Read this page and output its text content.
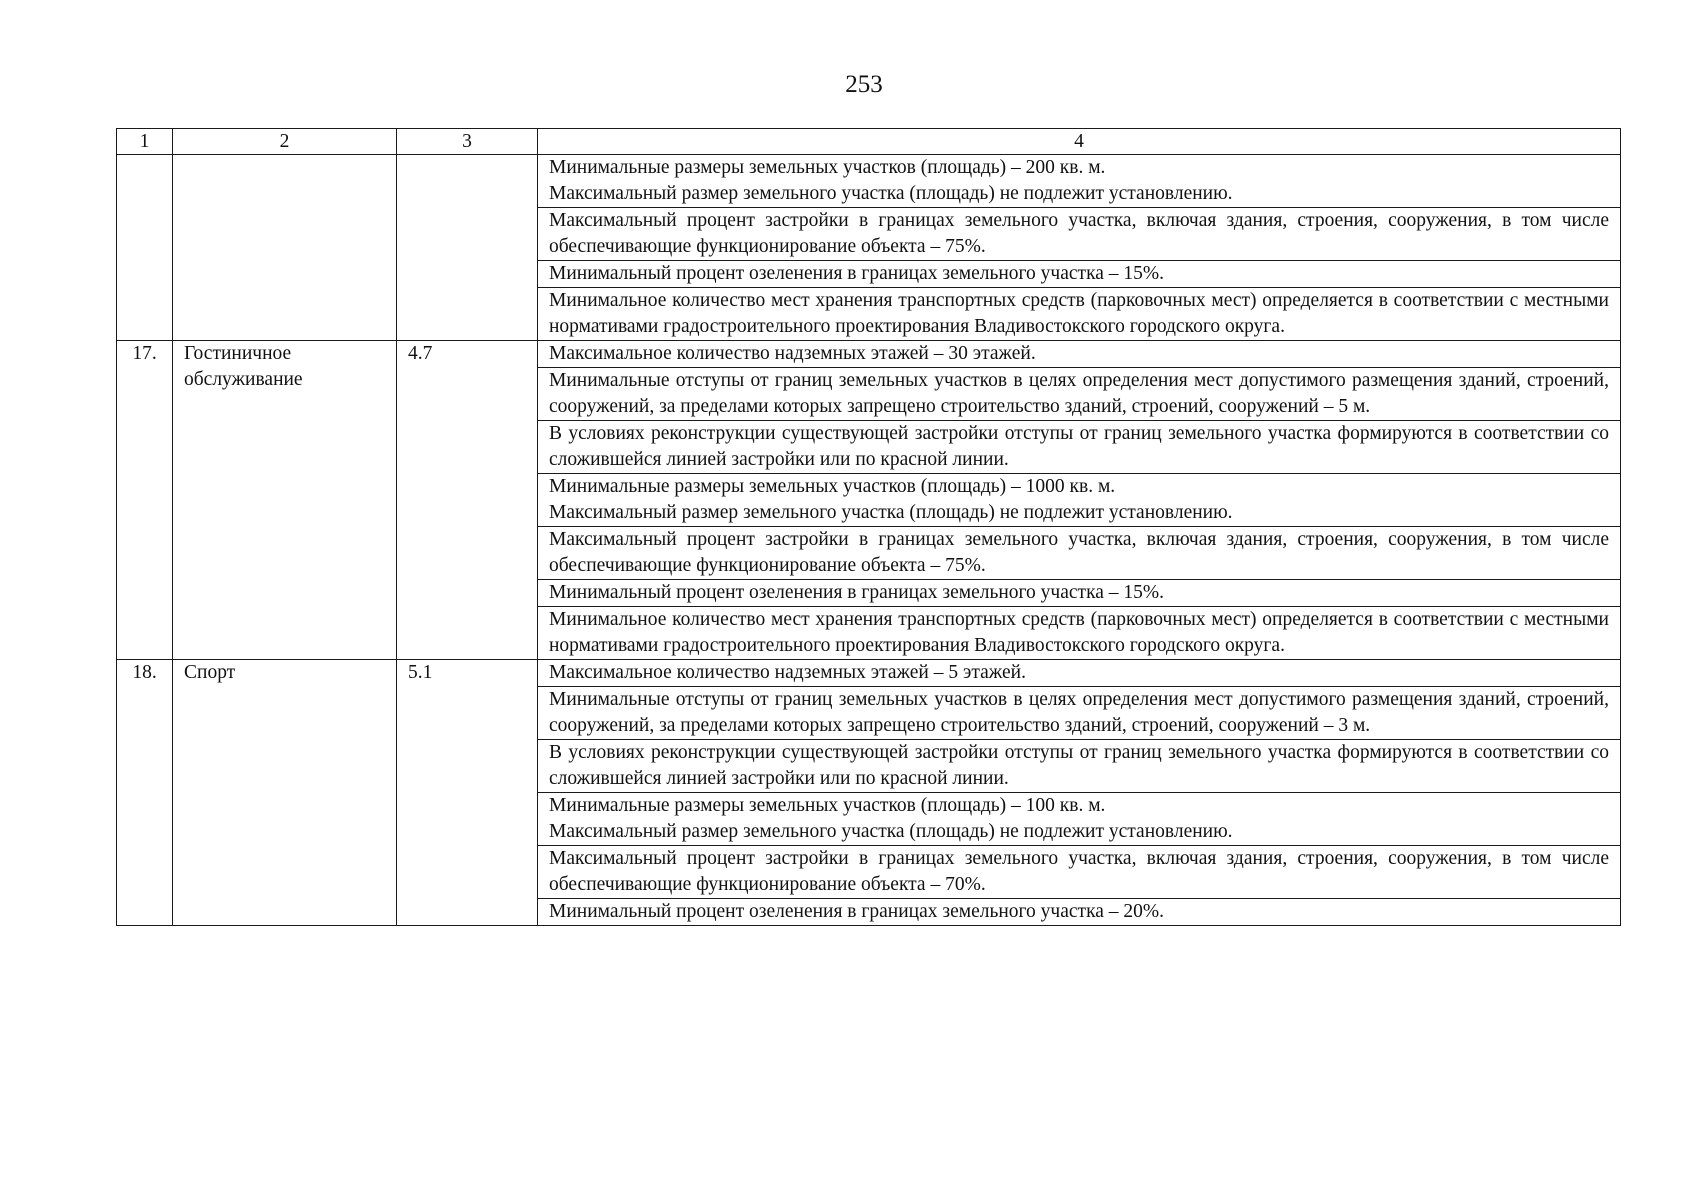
253
1	2	3	4

			Минимальные размеры земельных участков (площадь) – 200 кв. м.
Максимальный размер земельного участка (площадь) не подлежит установлению.

			Максимальный процент застройки в границах земельного участка, включая здания, строения, сооружения, в том числе обеспечивающие функционирование объекта – 75%.

			Минимальный процент озеленения в границах земельного участка – 15%.

			Минимальное количество мест хранения транспортных средств (парковочных мест) определяется в соответствии с местными нормативами градостроительного проектирования Владивостокского городского округа.

17.	Гостиничное обслуживание	4.7	Максимальное количество надземных этажей – 30 этажей.

			Минимальные отступы от границ земельных участков в целях определения мест допустимого размещения зданий, строений, сооружений, за пределами которых запрещено строительство зданий, строений, сооружений – 5 м.

			В условиях реконструкции существующей застройки отступы от границ земельного участка формируются в соответствии со сложившейся линией застройки или по красной линии.

			Минимальные размеры земельных участков (площадь) – 1000 кв. м.
Максимальный размер земельного участка (площадь) не подлежит установлению.

			Максимальный процент застройки в границах земельного участка, включая здания, строения, сооружения, в том числе обеспечивающие функционирование объекта – 75%.

			Минимальный процент озеленения в границах земельного участка – 15%.

			Минимальное количество мест хранения транспортных средств (парковочных мест) определяется в соответствии с местными нормативами градостроительного проектирования Владивостокского городского округа.

18.	Спорт	5.1	Максимальное количество надземных этажей – 5 этажей.

			Минимальные отступы от границ земельных участков в целях определения мест допустимого размещения зданий, строений, сооружений, за пределами которых запрещено строительство зданий, строений, сооружений – 3 м.

			В условиях реконструкции существующей застройки отступы от границ земельного участка формируются в соответствии со сложившейся линией застройки или по красной линии.

			Минимальные размеры земельных участков (площадь) – 100 кв. м.
Максимальный размер земельного участка (площадь) не подлежит установлению.

			Максимальный процент застройки в границах земельного участка, включая здания, строения, сооружения, в том числе обеспечивающие функционирование объекта – 70%.

			Минимальный процент озеленения в границах земельного участка – 20%.
